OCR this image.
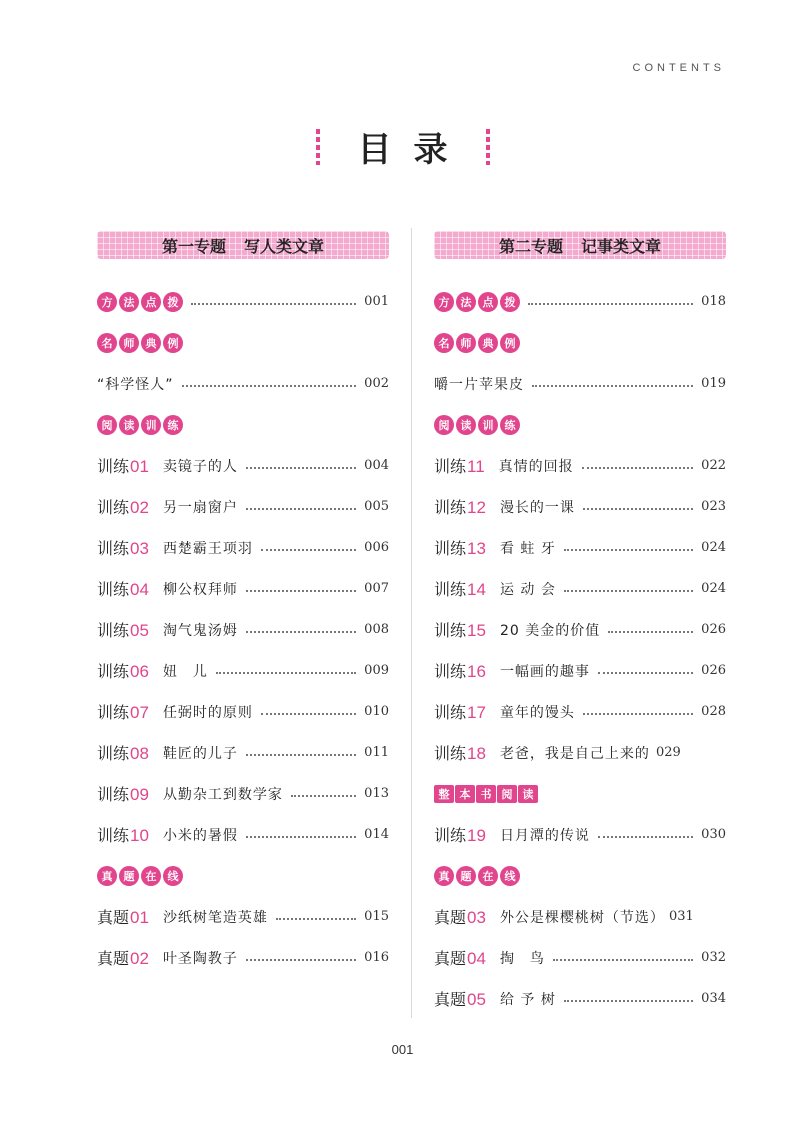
CONTENTS
目录
第一专题 写人类文章
方	法	点	拨	001
名	师	典	例
“科学怪人”	002
阅	读	训	练
训练01 卖镜子的人	004
训练02 另一扇窗户	005
训练03 西楚霸王项羽	006
训练04 柳公权拜师	007
训练05 淘气鬼汤姆	008
训练06 妞　儿	009
训练07 任弼时的原则	010
训练08 鞋匠的儿子	011
训练09 从勤杂工到数学家	013
训练10 小米的暑假	014
真	题	在	线
真题01 沙纸树笔造英雄	015
真题02 叶圣陶教子	016
第二专题 记事类文章
方	法	点	拨	018
名	师	典	例
嚼一片苹果皮	019
阅	读	训	练
训练11 真情的回报	022
训练12 漫长的一课	023
训练13 看 蛀 牙	024
训练14 运 动 会	024
训练15 20 美金的价值	026
训练16 一幅画的趣事	026
训练17 童年的馒头	028
训练18 老爸，我是自己上来的 029
整 本 书 阅 读
训练19 日月潭的传说	030
真	题	在	线
真题03 外公是棵樱桃树（节选） 031
真题04 掏　鸟	032
真题05 给 予 树	034
001
